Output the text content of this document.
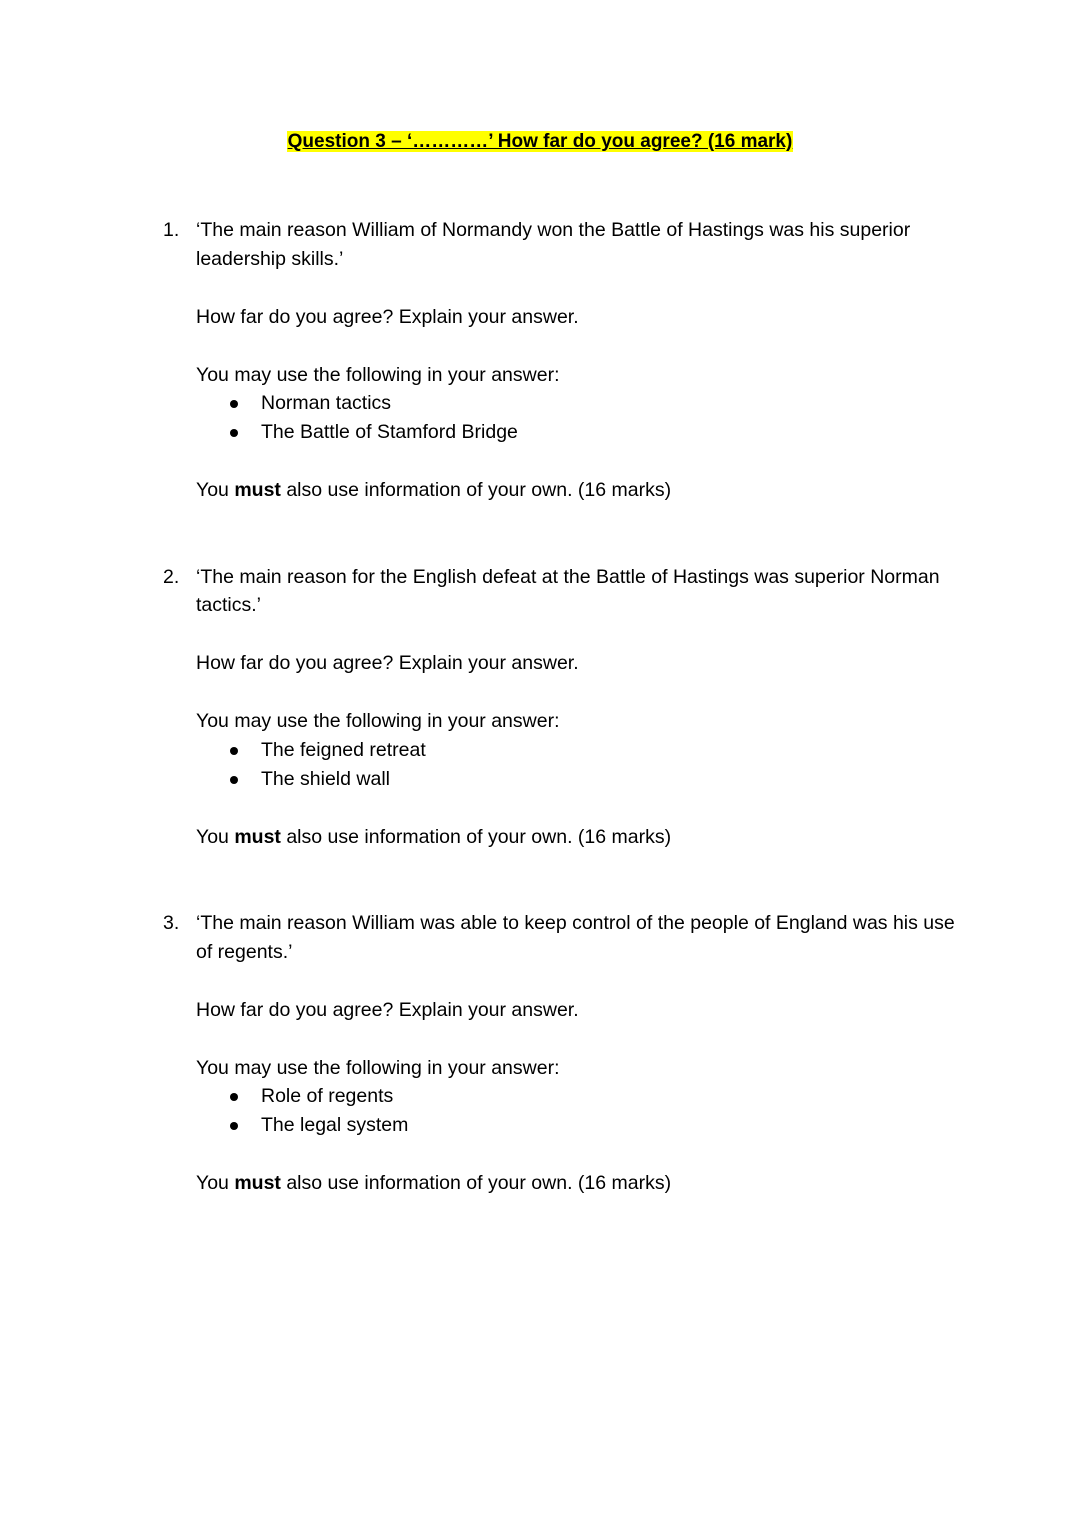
Question 3 – ‘…………’ How far do you agree? (16 mark)
1. ‘The main reason William of Normandy won the Battle of Hastings was his superior leadership skills.’
How far do you agree? Explain your answer.
You may use the following in your answer:
Norman tactics
The Battle of Stamford Bridge
You must also use information of your own. (16 marks)
2. ‘The main reason for the English defeat at the Battle of Hastings was superior Norman tactics.’
How far do you agree? Explain your answer.
You may use the following in your answer:
The feigned retreat
The shield wall
You must also use information of your own. (16 marks)
3. ‘The main reason William was able to keep control of the people of England was his use of regents.’
How far do you agree? Explain your answer.
You may use the following in your answer:
Role of regents
The legal system
You must also use information of your own. (16 marks)
